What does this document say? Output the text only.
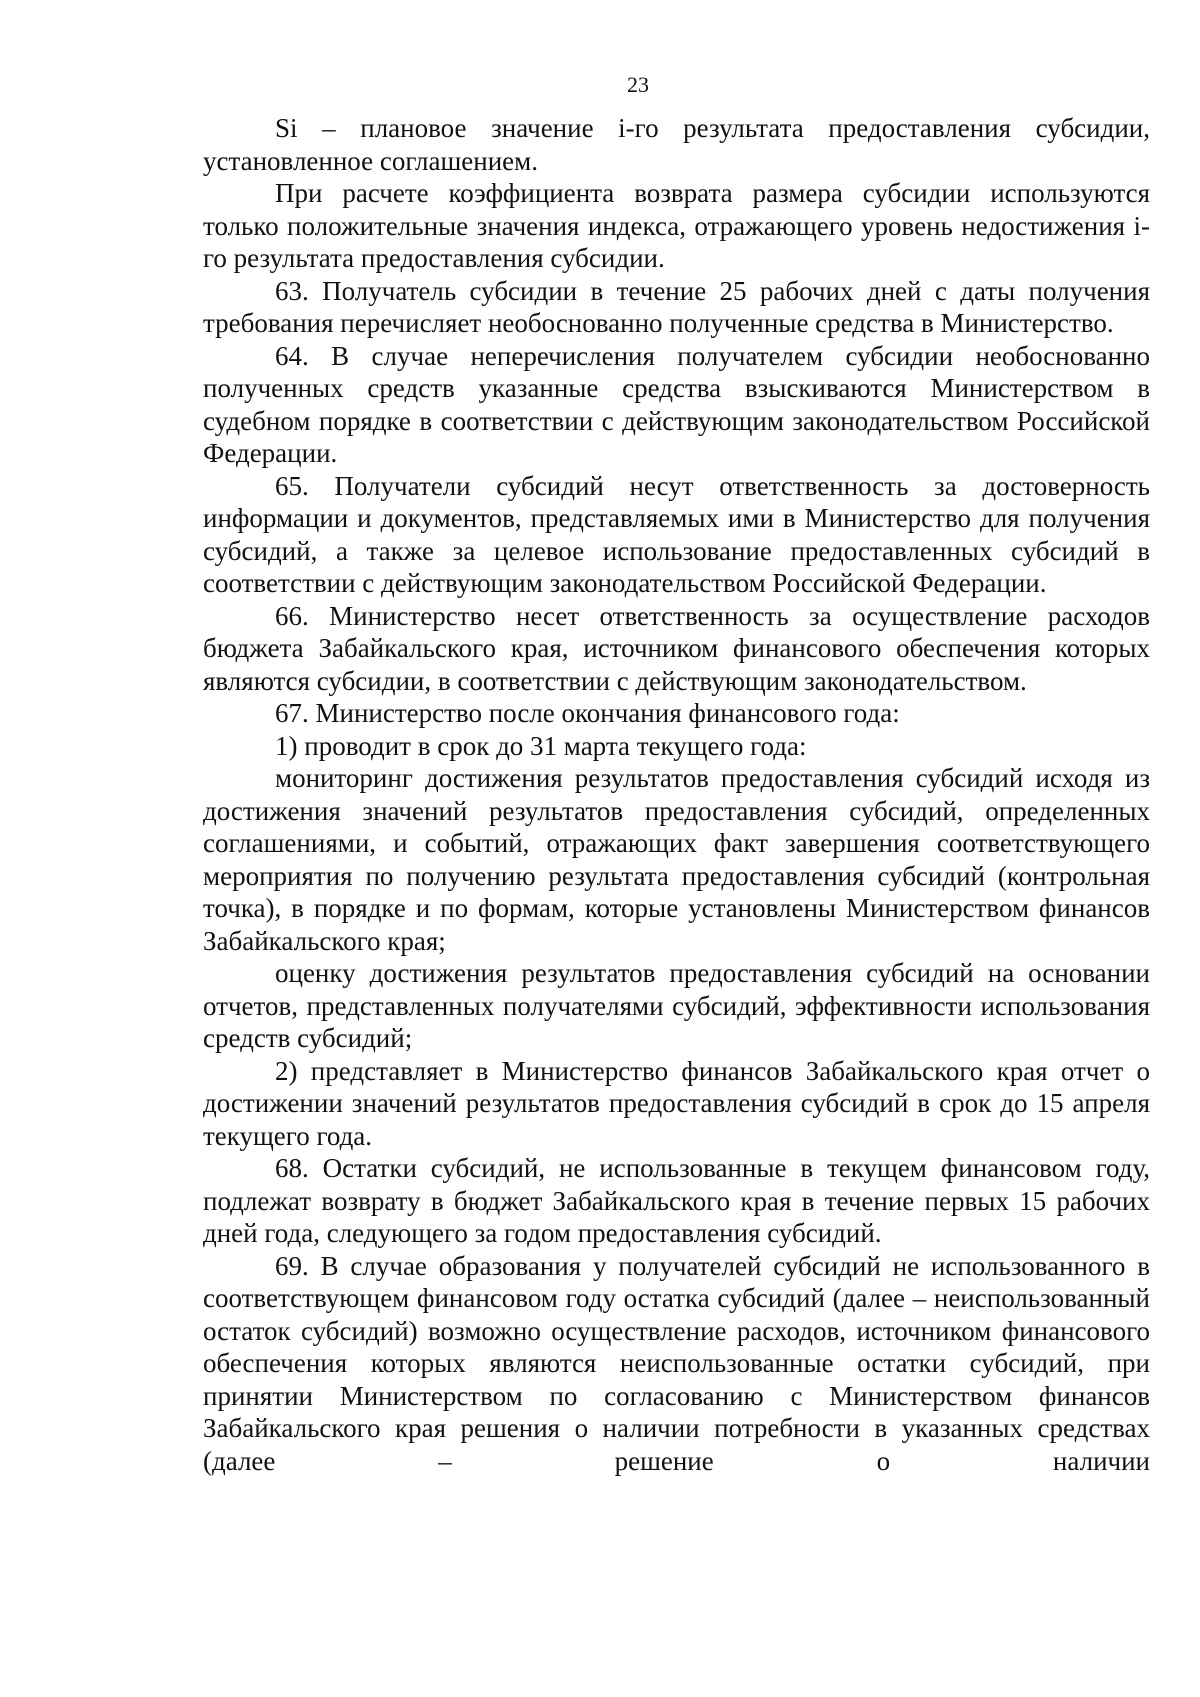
23

Si – плановое значение i-го результата предоставления субсидии, установленное соглашением.

При расчете коэффициента возврата размера субсидии используются только положительные значения индекса, отражающего уровень недостижения i-го результата предоставления субсидии.

63. Получатель субсидии в течение 25 рабочих дней с даты получения требования перечисляет необоснованно полученные средства в Министерство.

64. В случае неперечисления получателем субсидии необоснованно полученных средств указанные средства взыскиваются Министерством в судебном порядке в соответствии с действующим законодательством Российской Федерации.

65. Получатели субсидий несут ответственность за достоверность информации и документов, представляемых ими в Министерство для получения субсидий, а также за целевое использование предоставленных субсидий в соответствии с действующим законодательством Российской Федерации.

66. Министерство несет ответственность за осуществление расходов бюджета Забайкальского края, источником финансового обеспечения которых являются субсидии, в соответствии с действующим законодательством.

67. Министерство после окончания финансового года:

1) проводит в срок до 31 марта текущего года:

мониторинг достижения результатов предоставления субсидий исходя из достижения значений результатов предоставления субсидий, определенных соглашениями, и событий, отражающих факт завершения соответствующего мероприятия по получению результата предоставления субсидий (контрольная точка), в порядке и по формам, которые установлены Министерством финансов Забайкальского края;

оценку достижения результатов предоставления субсидий на основании отчетов, представленных получателями субсидий, эффективности использования средств субсидий;

2) представляет в Министерство финансов Забайкальского края отчет о достижении значений результатов предоставления субсидий в срок до 15 апреля текущего года.

68. Остатки субсидий, не использованные в текущем финансовом году, подлежат возврату в бюджет Забайкальского края в течение первых 15 рабочих дней года, следующего за годом предоставления субсидий.

69. В случае образования у получателей субсидий не использованного в соответствующем финансовом году остатка субсидий (далее – неиспользованный остаток субсидий) возможно осуществление расходов, источником финансового обеспечения которых являются неиспользованные остатки субсидий, при принятии Министерством по согласованию с Министерством финансов Забайкальского края решения о наличии потребности в указанных средствах (далее – решение о наличии
